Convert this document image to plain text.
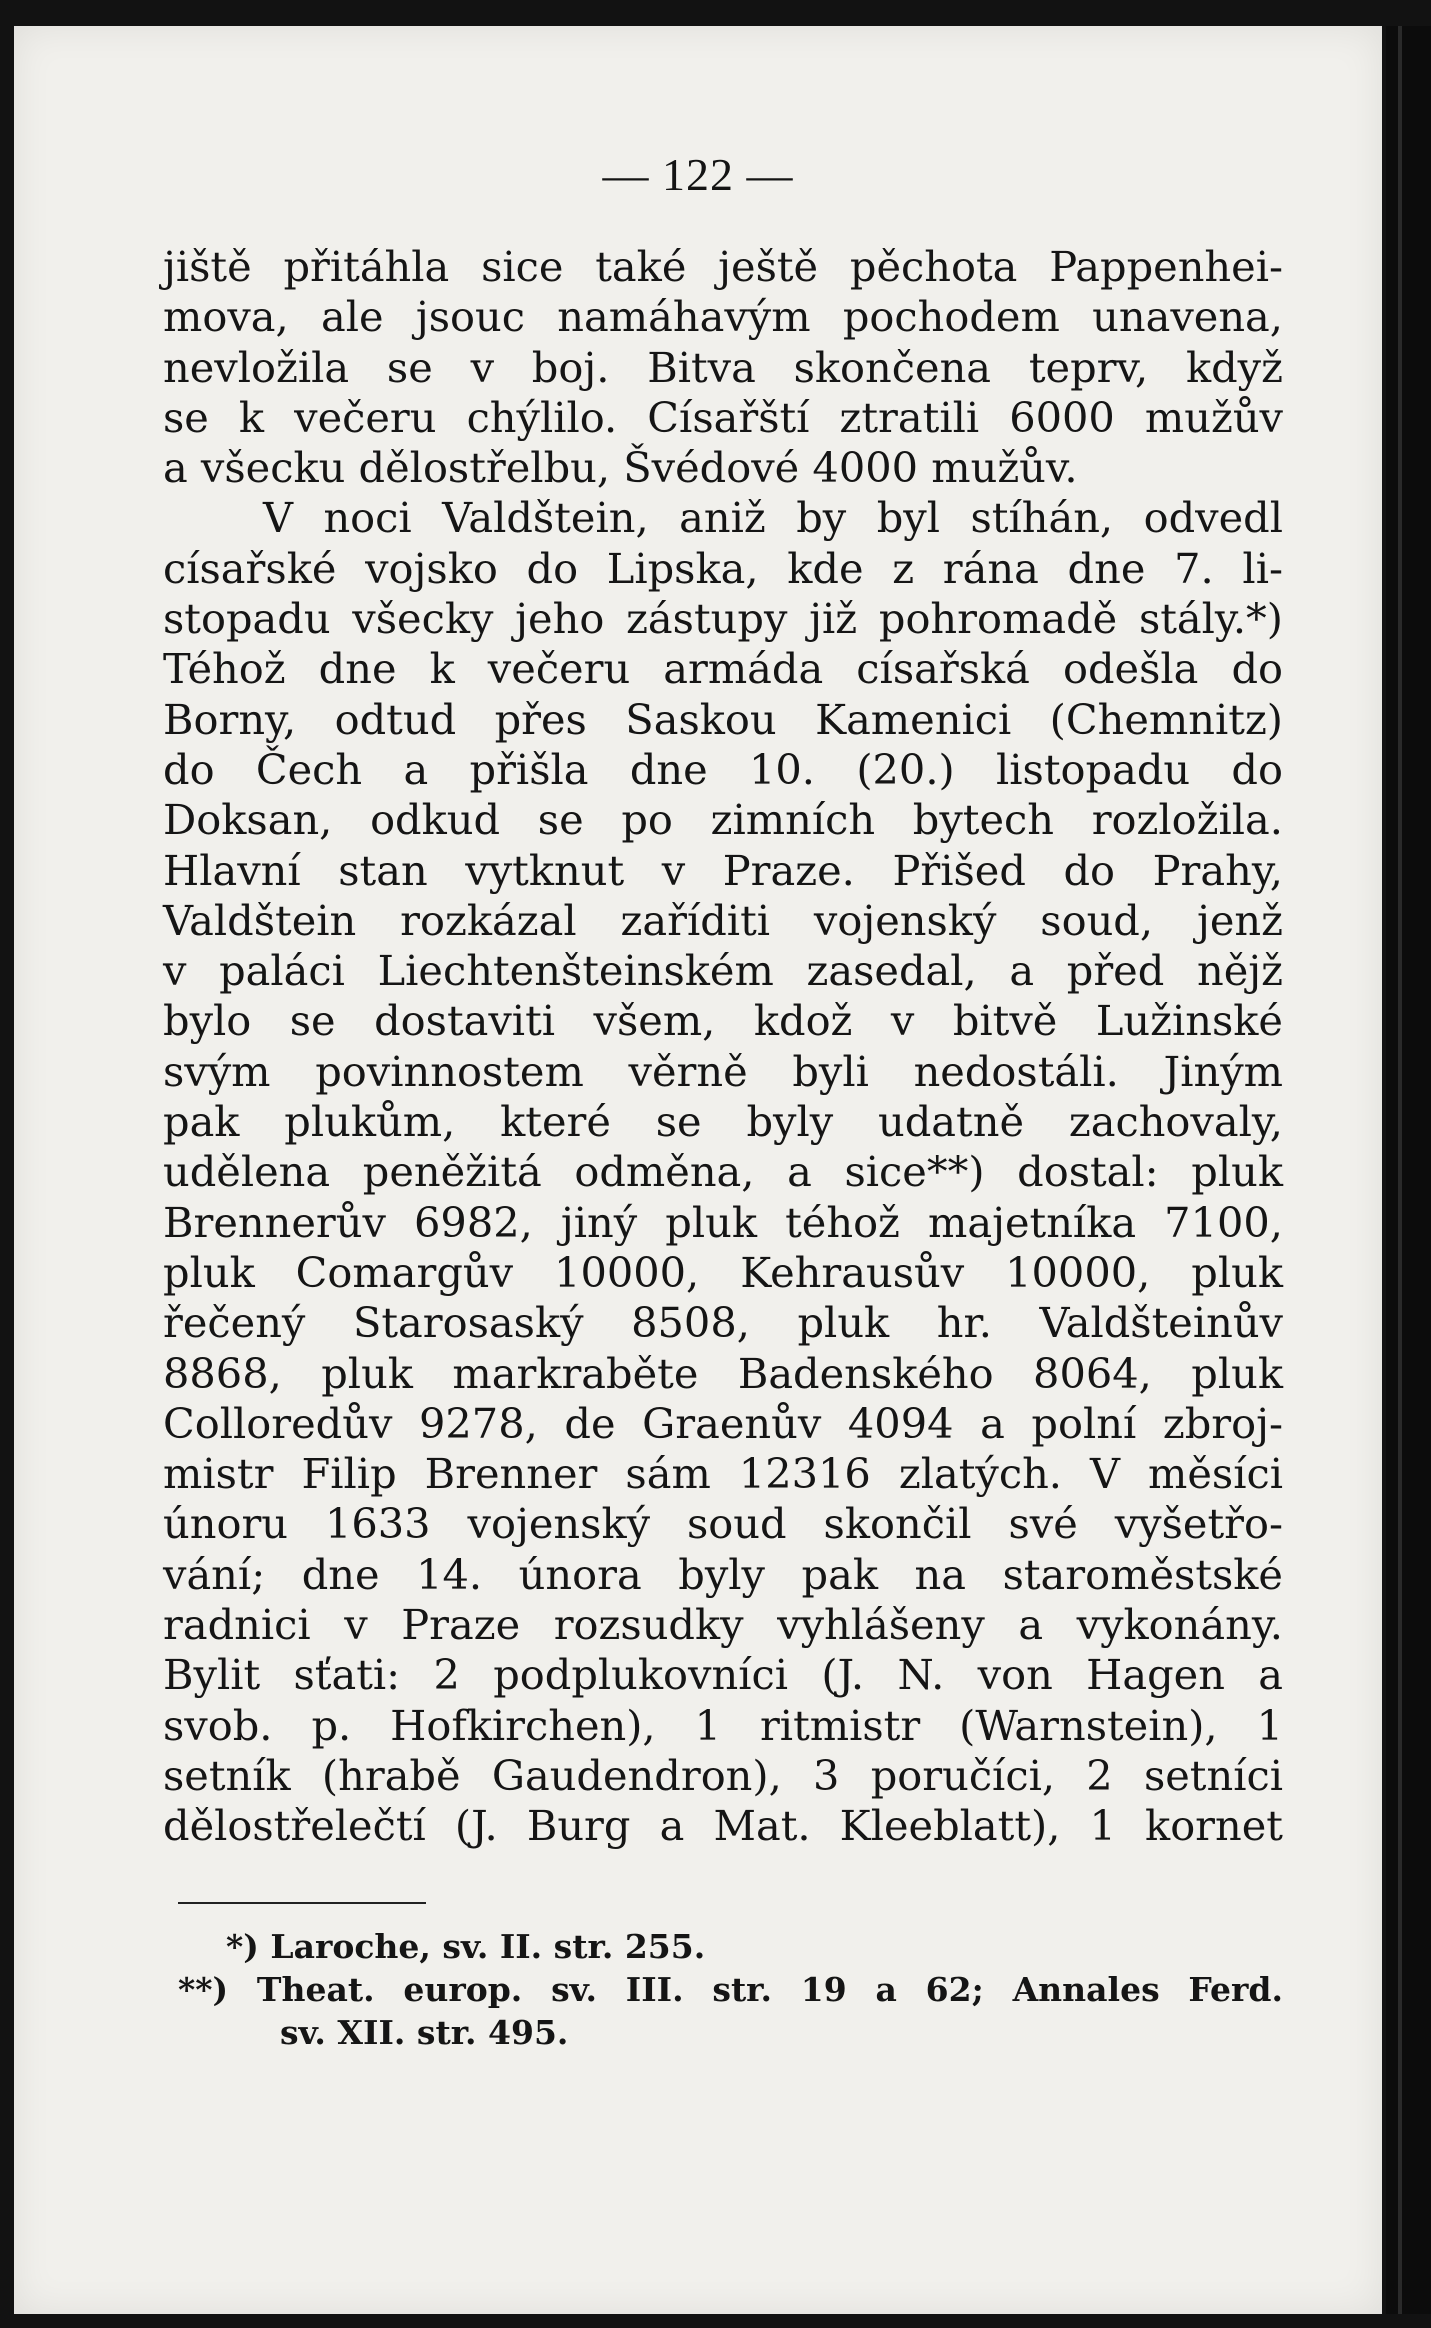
— 122 —
jiště přitáhla sice také ještě pěchota Pappenhei-
mova, ale jsouc namáhavým pochodem unavena,
nevložila se v boj. Bitva skončena teprv, když
se k večeru chýlilo. Císařští ztratili 6000 mužův
a všecku dělostřelbu, Švédové 4000 mužův.
V noci Valdštein, aniž by byl stíhán, odvedl
císařské vojsko do Lipska, kde z rána dne 7. li-
stopadu všecky jeho zástupy již pohromadě stály.*)
Téhož dne k večeru armáda císařská odešla do
Borny, odtud přes Saskou Kamenici (Chemnitz)
do Čech a přišla dne 10. (20.) listopadu do
Doksan, odkud se po zimních bytech rozložila.
Hlavní stan vytknut v Praze. Přišed do Prahy,
Valdštein rozkázal zaříditi vojenský soud, jenž
v paláci Liechtenšteinském zasedal, a před nějž
bylo se dostaviti všem, kdož v bitvě Lužinské
svým povinnostem věrně byli nedostáli. Jiným
pak plukům, které se byly udatně zachovaly,
udělena peněžitá odměna, a sice**) dostal: pluk
Brennerův 6982, jiný pluk téhož majetníka 7100,
pluk Comargův 10000, Kehrausův 10000, pluk
řečený Starosaský 8508, pluk hr. Valdšteinův
8868, pluk markraběte Badenského 8064, pluk
Colloredův 9278, de Graenův 4094 a polní zbroj-
mistr Filip Brenner sám 12316 zlatých. V měsíci
únoru 1633 vojenský soud skončil své vyšetřo-
vání; dne 14. února byly pak na staroměstské
radnici v Praze rozsudky vyhlášeny a vykonány.
Bylit sťati: 2 podplukovníci (J. N. von Hagen a
svob. p. Hofkirchen), 1 ritmistr (Warnstein), 1
setník (hrabě Gaudendron), 3 poručíci, 2 setníci
dělostřelečtí (J. Burg a Mat. Kleeblatt), 1 kornet
*) Laroche, sv. II. str. 255.
**) Theat. europ. sv. III. str. 19 a 62; Annales Ferd.
sv. XII. str. 495.
